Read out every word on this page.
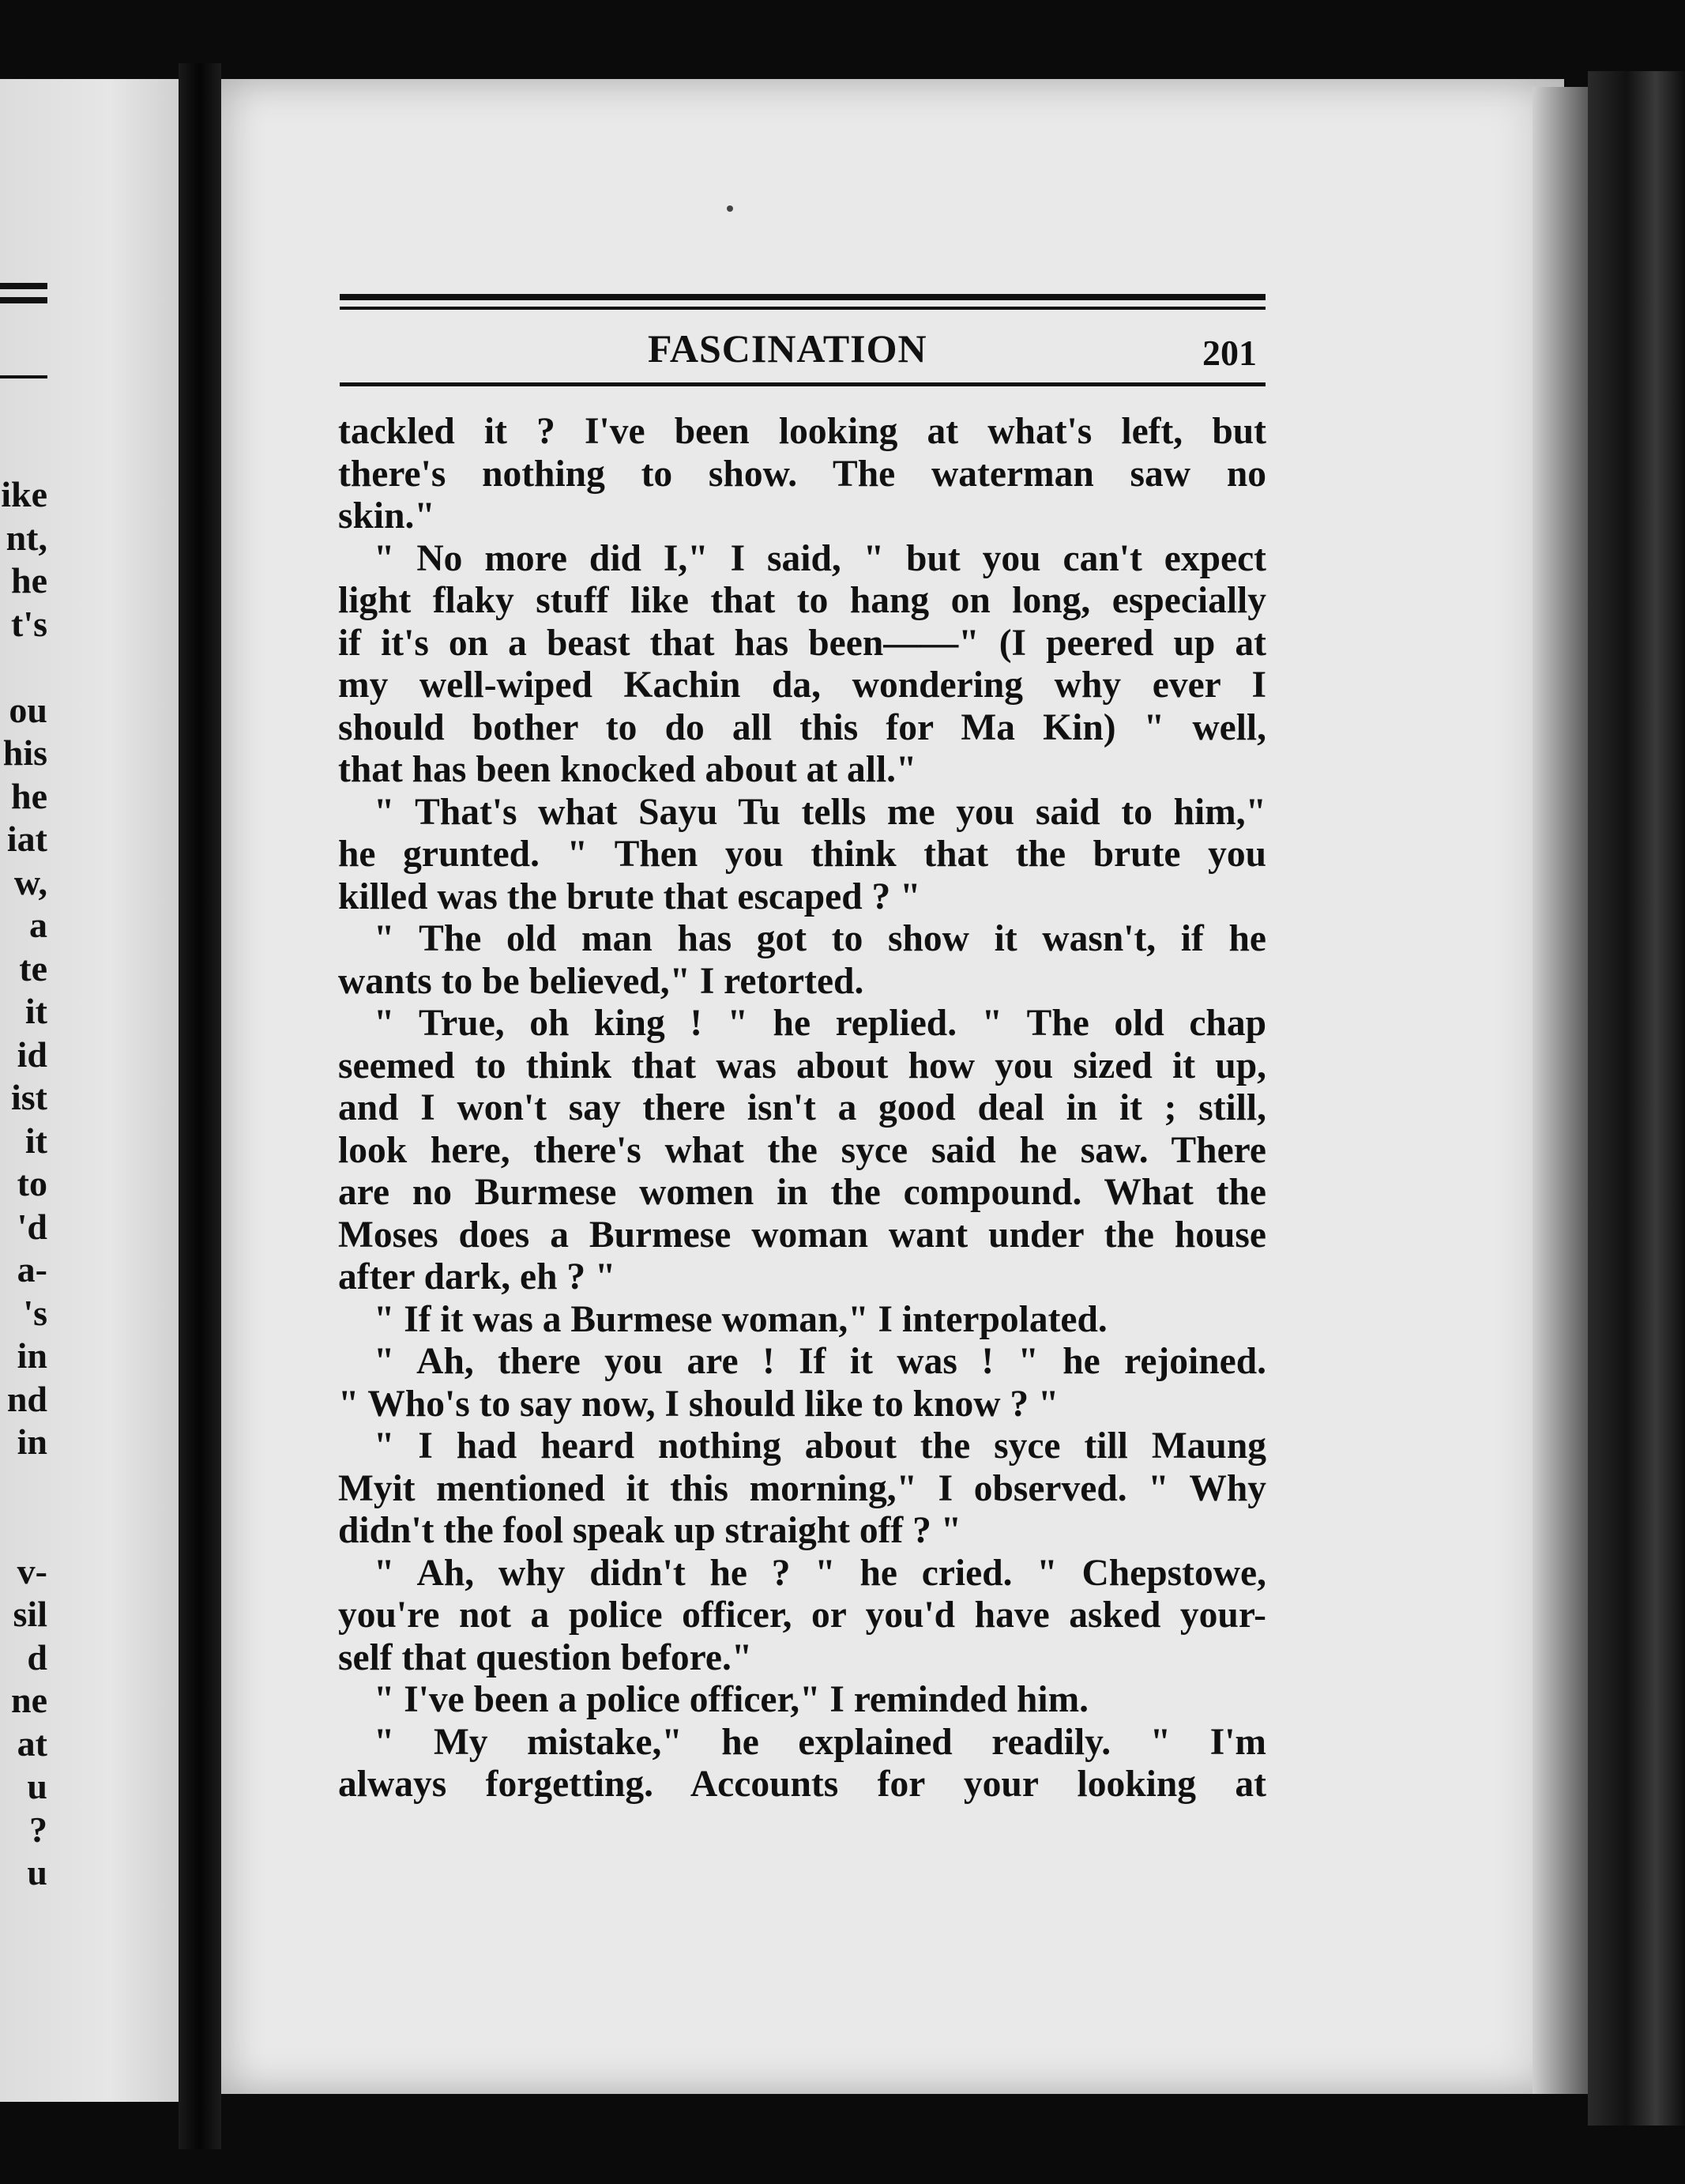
ike
nt,
he
t's
ou
his
he
iat
w,
a
te
it
id
ist
it
to
'd
a-
's
in
nd
in
v-
sil
d
ne
at
u
?
u
FASCINATION	201
tackled it ? I've been looking at what's left, but
there's nothing to show. The waterman saw no
skin."
" No more did I," I said, " but you can't expect
light flaky stuff like that to hang on long, especially
if it's on a beast that has been——" (I peered up at
my well-wiped Kachin da, wondering why ever I
should bother to do all this for Ma Kin) " well,
that has been knocked about at all."
" That's what Sayu Tu tells me you said to him,"
he grunted. " Then you think that the brute you
killed was the brute that escaped ? "
" The old man has got to show it wasn't, if he
wants to be believed," I retorted.
" True, oh king ! " he replied. " The old chap
seemed to think that was about how you sized it up,
and I won't say there isn't a good deal in it ; still,
look here, there's what the syce said he saw. There
are no Burmese women in the compound. What the
Moses does a Burmese woman want under the house
after dark, eh ? "
" If it was a Burmese woman," I interpolated.
" Ah, there you are ! If it was ! " he rejoined.
" Who's to say now, I should like to know ? "
" I had heard nothing about the syce till Maung
Myit mentioned it this morning," I observed. " Why
didn't the fool speak up straight off ? "
" Ah, why didn't he ? " he cried. " Chepstowe,
you're not a police officer, or you'd have asked your-
self that question before."
" I've been a police officer," I reminded him.
" My mistake," he explained readily. " I'm
always forgetting. Accounts for your looking at
